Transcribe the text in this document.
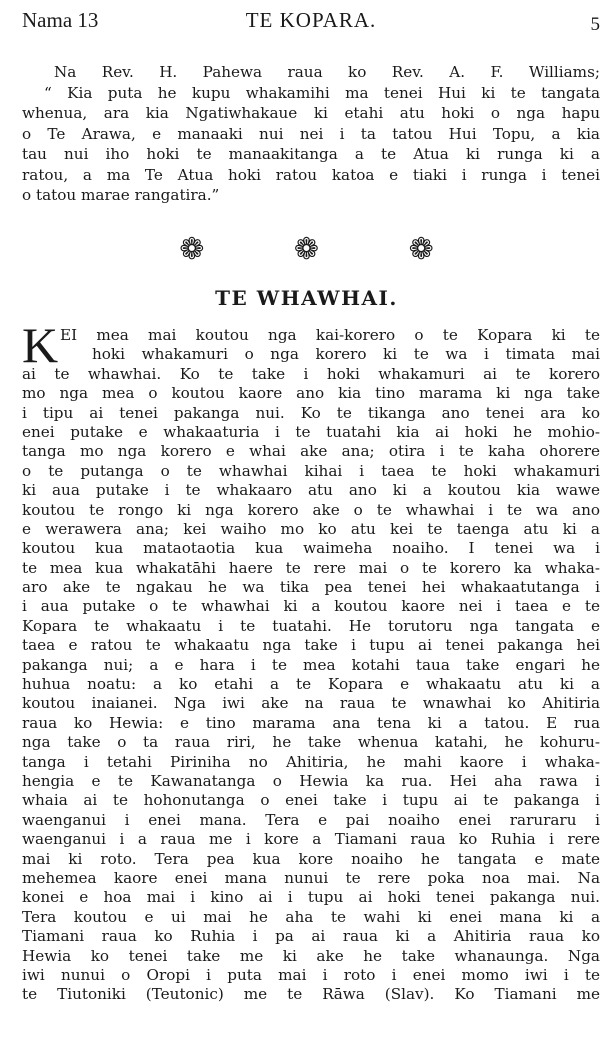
Nama 13	TE KOPARA.	5
Na Rev. H. Pahewa raua ko Rev. A. F. Williams;
“ Kia puta he kupu whakamihi ma tenei Hui ki te tangata
whenua, ara kia Ngatiwhakaue ki etahi atu hoki o nga hapu
o Te Arawa, e manaaki nui nei i ta tatou Hui Topu, a kia
tau nui iho hoki te manaakitanga a te Atua ki runga ki a
ratou, a ma Te Atua hoki ratou katoa e tiaki i runga i tenei
o tatou marae rangatira.”
❁ ❁ ❁
TE WHAWHAI.
K EI mea mai koutou nga kai-korero o te Kopara ki te
hoki whakamuri o nga korero ki te wa i timata mai
ai te whawhai. Ko te take i hoki whakamuri ai te korero
mo nga mea o koutou kaore ano kia tino marama ki nga take
i tipu ai tenei pakanga nui. Ko te tikanga ano tenei ara ko
enei putake e whakaaturia i te tuatahi kia ai hoki he mohio-
tanga mo nga korero e whai ake ana; otira i te kaha ohorere
o te putanga o te whawhai kihai i taea te hoki whakamuri
ki aua putake i te whakaaro atu ano ki a koutou kia wawe
koutou te rongo ki nga korero ake o te whawhai i te wa ano
e werawera ana; kei waiho mo ko atu kei te taenga atu ki a
koutou kua mataotaotia kua waimeha noaiho. I tenei wa i
te mea kua whakatāhi haere te rere mai o te korero ka whaka-
aro ake te ngakau he wa tika pea tenei hei whakaatutanga i
i aua putake o te whawhai ki a koutou kaore nei i taea e te
Kopara te whakaatu i te tuatahi. He torutoru nga tangata e
taea e ratou te whakaatu nga take i tupu ai tenei pakanga hei
pakanga nui; a e hara i te mea kotahi taua take engari he
huhua noatu: a ko etahi a te Kopara e whakaatu atu ki a
koutou inaianei. Nga iwi ake na raua te wnawhai ko Ahitiria
raua ko Hewia: e tino marama ana tena ki a tatou. E rua
nga take o ta raua riri, he take whenua katahi, he kohuru-
tanga i tetahi Piriniha no Ahitiria, he mahi kaore i whaka-
hengia e te Kawanatanga o Hewia ka rua. Hei aha rawa i
whaia ai te hohonutanga o enei take i tupu ai te pakanga i
waenganui i enei mana. Tera e pai noaiho enei raruraru i
waenganui i a raua me i kore a Tiamani raua ko Ruhia i rere
mai ki roto. Tera pea kua kore noaiho he tangata e mate
mehemea kaore enei mana nunui te rere poka noa mai. Na
konei e hoa mai i kino ai i tupu ai hoki tenei pakanga nui.
Tera koutou e ui mai he aha te wahi ki enei mana ki a
Tiamani raua ko Ruhia i pa ai raua ki a Ahitiria raua ko
Hewia ko tenei take me ki ake he take whanaunga. Nga
iwi nunui o Oropi i puta mai i roto i enei momo iwi i te
te Tiutoniki (Teutonic) me te Rāwa (Slav). Ko Tiamani me
